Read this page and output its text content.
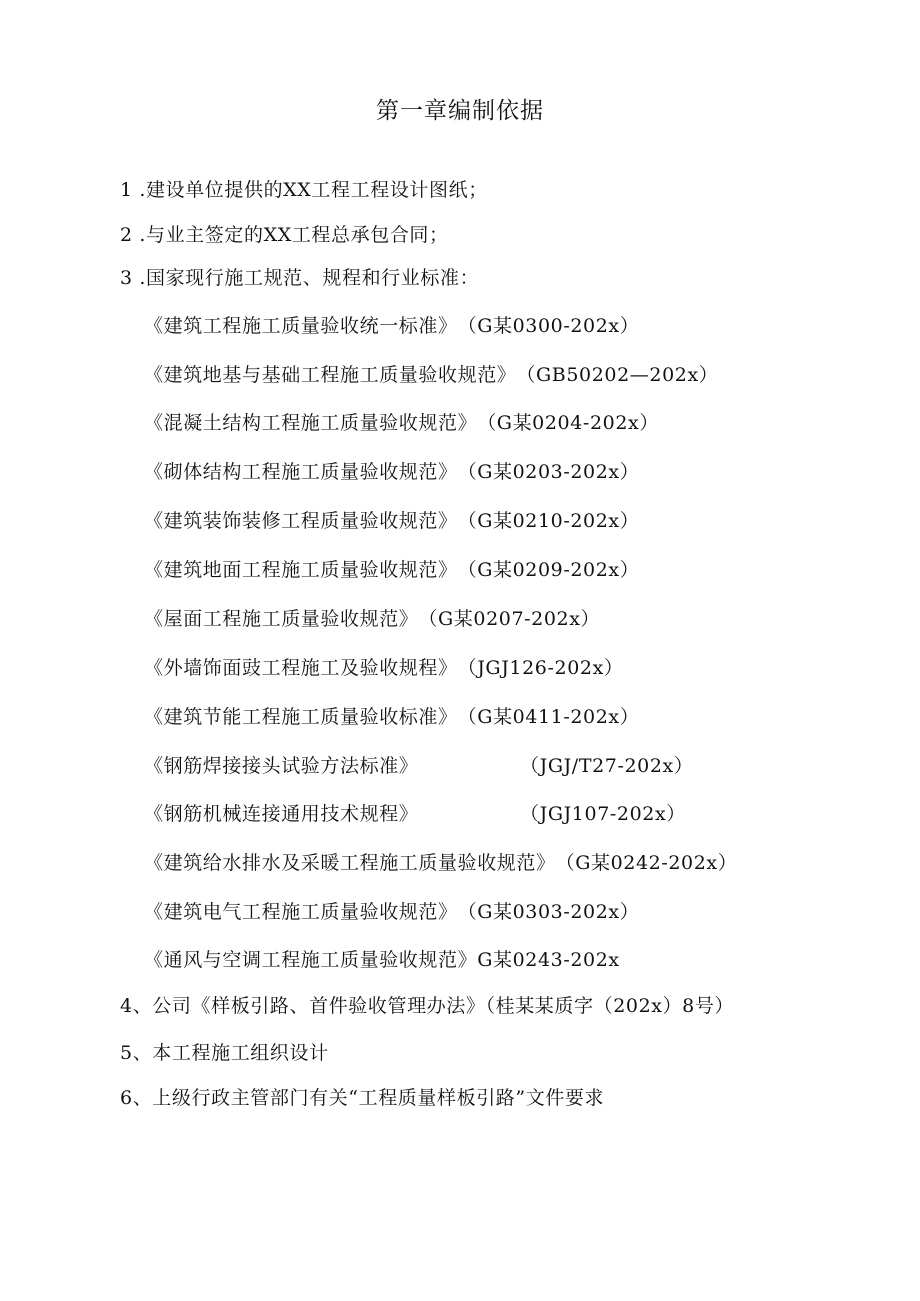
第一章编制依据
1 .建设单位提供的XX工程工程设计图纸；
2 .与业主签定的XX工程总承包合同；
3 .国家现行施工规范、规程和行业标准：
《建筑工程施工质量验收统一标准》（G某0300-202x）
《建筑地基与基础工程施工质量验收规范》（GB50202—202x）
《混凝土结构工程施工质量验收规范》（G某0204-202x）
《砌体结构工程施工质量验收规范》（G某0203-202x）
《建筑装饰装修工程质量验收规范》（G某0210-202x）
《建筑地面工程施工质量验收规范》（G某0209-202x）
《屋面工程施工质量验收规范》（G某0207-202x）
《外墙饰面豉工程施工及验收规程》（JGJ126-202x）
《建筑节能工程施工质量验收标准》（G某0411-202x）
《钢筋焊接接头试验方法标准》	（JGJ/T27-202x）
《钢筋机械连接通用技术规程》	（JGJ107-202x）
《建筑给水排水及采暖工程施工质量验收规范》（G某0242-202x）
《建筑电气工程施工质量验收规范》（G某0303-202x）
《通风与空调工程施工质量验收规范》G某0243-202x
4、公司《样板引路、首件验收管理办法》（桂某某质字（202x）8号）
5、本工程施工组织设计
6、上级行政主管部门有关“工程质量样板引路”文件要求
